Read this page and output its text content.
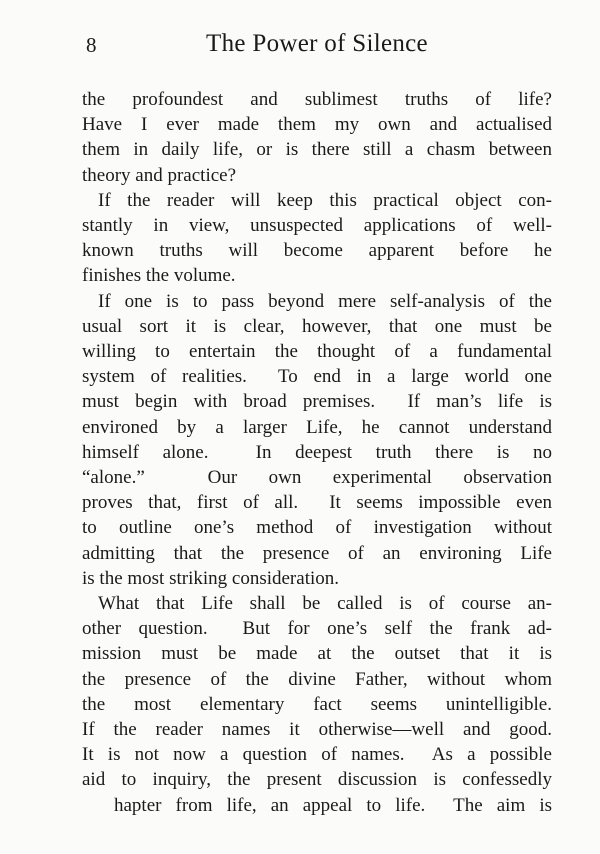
8	The Power of Silence

the profoundest and sublimest truths of life?
Have I ever made them my own and actualised
them in daily life, or is there still a chasm between
theory and practice?

If the reader will keep this practical object con-
stantly in view, unsuspected applications of well-
known truths will become apparent before he
finishes the volume.

If one is to pass beyond mere self-analysis of the
usual sort it is clear, however, that one must be
willing to entertain the thought of a fundamental
system of realities.  To end in a large world one
must begin with broad premises.  If man’s life is
environed by a larger Life, he cannot understand
himself alone.  In deepest truth there is no
“alone.”  Our own experimental observation
proves that, first of all.  It seems impossible even
to outline one’s method of investigation without
admitting that the presence of an environing Life
is the most striking consideration.

What that Life shall be called is of course an-
other question.  But for one’s self the frank ad-
mission must be made at the outset that it is
the presence of the divine Father, without whom
the most elementary fact seems unintelligible.
If the reader names it otherwise—well and good.
It is not now a question of names.  As a possible
aid to inquiry, the present discussion is confessedly
hapter from life, an appeal to life.  The aim is
